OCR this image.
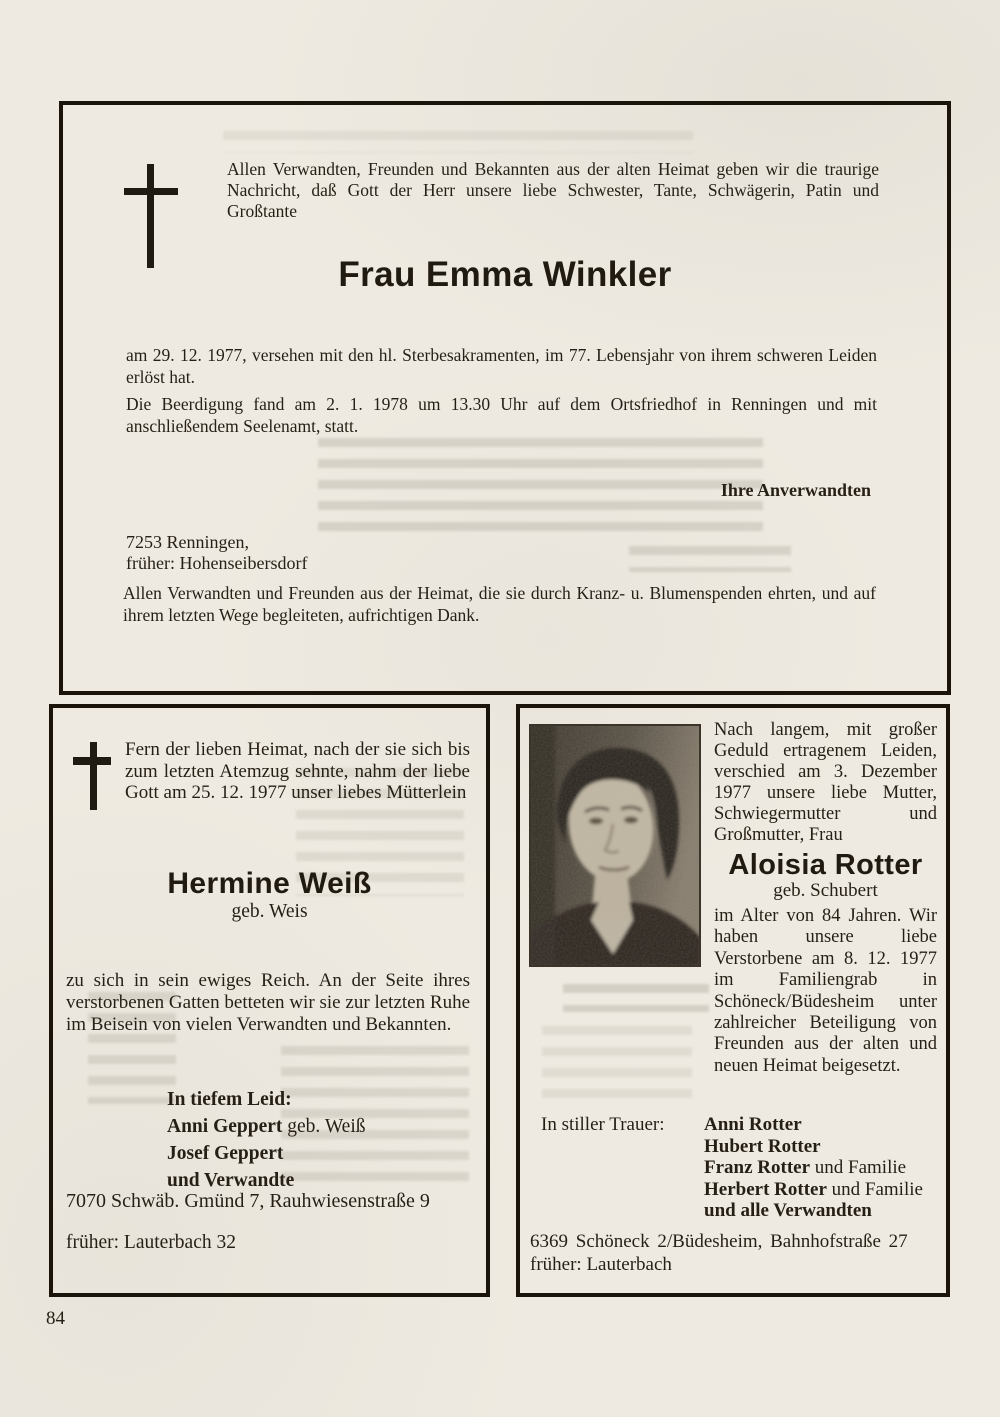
Allen Verwandten, Freunden und Bekannten aus der alten Heimat geben wir die traurige Nachricht, daß Gott der Herr unsere liebe Schwester, Tante, Schwägerin, Patin und Großtante

Frau Emma Winkler

am 29. 12. 1977, versehen mit den hl. Sterbesakramenten, im 77. Lebensjahr von ihrem schweren Leiden erlöst hat.

Die Beerdigung fand am 2. 1. 1978 um 13.30 Uhr auf dem Ortsfriedhof in Renningen und mit anschließendem Seelenamt, statt.

Ihre Anverwandten

7253 Renningen,
früher: Hohenseibersdorf

Allen Verwandten und Freunden aus der Heimat, die sie durch Kranz- u. Blumenspenden ehrten, und auf ihrem letzten Wege begleiteten, aufrichtigen Dank.

Fern der lieben Heimat, nach der sie sich bis zum letzten Atemzug sehnte, nahm der liebe Gott am 25. 12. 1977 unser liebes Mütterlein

Hermine Weiß

geb. Weis

zu sich in sein ewiges Reich. An der Seite ihres verstorbenen Gatten betteten wir sie zur letzten Ruhe im Beisein von vielen Verwandten und Bekannten.

In tiefem Leid:
Anni Geppert geb. Weiß
Josef Geppert
und Verwandte

7070 Schwäb. Gmünd 7, Rauhwiesenstraße 9

früher: Lauterbach 32

Nach langem, mit großer Geduld ertragenem Leiden, verschied am 3. Dezember 1977 unsere liebe Mutter, Schwiegermutter und Großmutter, Frau

Aloisia Rotter

geb. Schubert

im Alter von 84 Jahren. Wir haben unsere liebe Verstorbene am 8. 12. 1977 im Familiengrab in Schöneck/Büdesheim unter zahlreicher Beteiligung von Freunden aus der alten und neuen Heimat beigesetzt.

In stiller Trauer: Anni Rotter
Hubert Rotter
Franz Rotter und Familie
Herbert Rotter und Familie
und alle Verwandten

6369 Schöneck 2/Büdesheim, Bahnhofstraße 27

früher: Lauterbach

84
